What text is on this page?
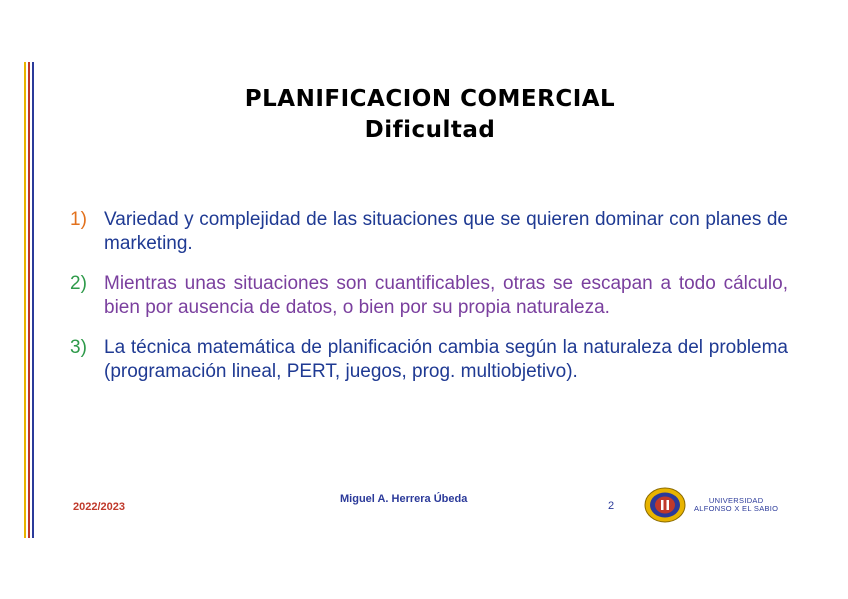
PLANIFICACION COMERCIAL
Dificultad
1) Variedad y complejidad de las situaciones que se quieren dominar con planes de marketing.
2) Mientras unas situaciones son cuantificables, otras se escapan a todo cálculo, bien por ausencia de datos, o bien por su propia naturaleza.
3) La técnica matemática de planificación cambia según la naturaleza del problema (programación lineal, PERT, juegos, prog. multiobjetivo).
2022/2023
Miguel A. Herrera Úbeda
2	UNIVERSIDAD
ALFONSO X EL SABIO
